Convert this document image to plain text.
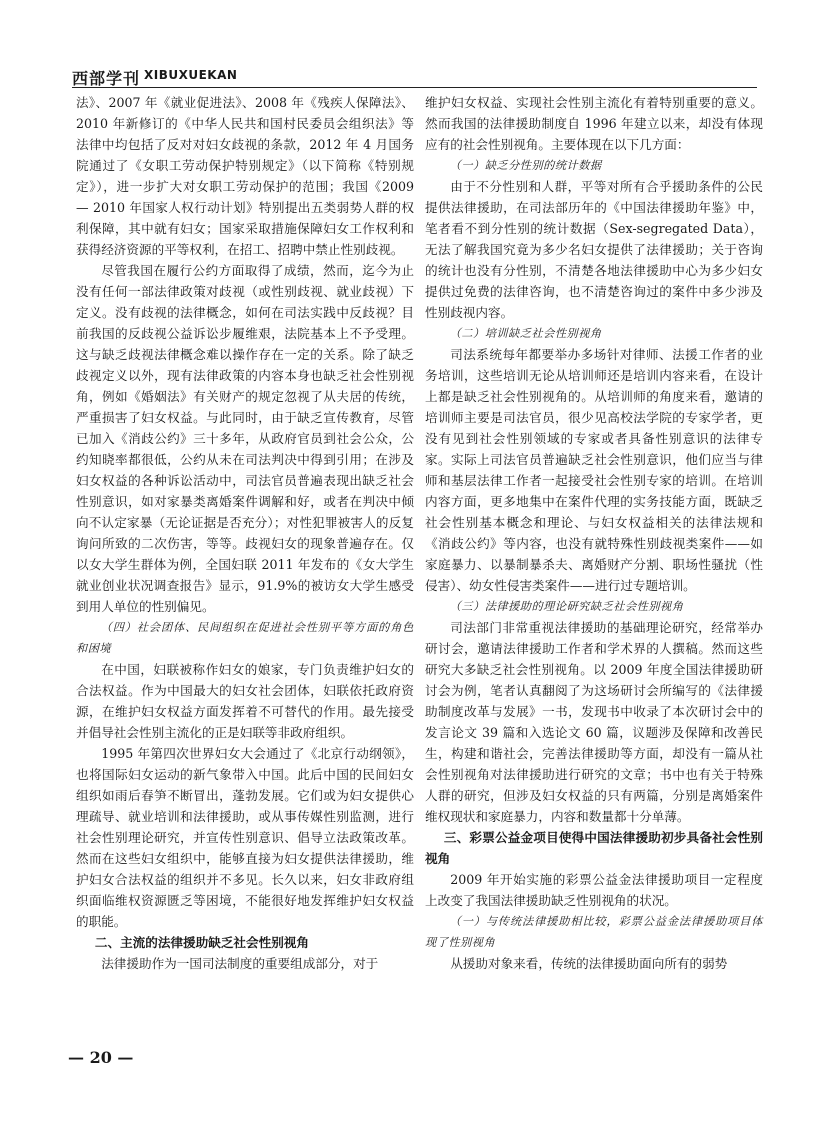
西部学刊 XIBUXUEKAN

法》、2007 年《就业促进法》、2008 年《残疾人保障法》、2010 年新修订的《中华人民共和国村民委员会组织法》等法律中均包括了反对对妇女歧视的条款，2012 年 4 月国务院通过了《女职工劳动保护特别规定》（以下简称《特别规定》），进一步扩大对女职工劳动保护的范围；我国《2009 — 2010 年国家人权行动计划》特别提出五类弱势人群的权利保障，其中就有妇女；国家采取措施保障妇女工作权利和获得经济资源的平等权利，在招工、招聘中禁止性别歧视。

尽管我国在履行公约方面取得了成绩，然而，迄今为止没有任何一部法律政策对歧视（或性别歧视、就业歧视）下定义。没有歧视的法律概念，如何在司法实践中反歧视？目前我国的反歧视公益诉讼步履维艰，法院基本上不予受理。这与缺乏歧视法律概念难以操作存在一定的关系。除了缺乏歧视定义以外，现有法律政策的内容本身也缺乏社会性别视角，例如《婚姻法》有关财产的规定忽视了从夫居的传统，严重损害了妇女权益。与此同时，由于缺乏宣传教育，尽管已加入《消歧公约》三十多年，从政府官员到社会公众，公约知晓率都很低，公约从未在司法判决中得到引用；在涉及妇女权益的各种诉讼活动中，司法官员普遍表现出缺乏社会性别意识，如对家暴类离婚案件调解和好，或者在判决中倾向不认定家暴（无论证据是否充分）；对性犯罪被害人的反复询问所致的二次伤害，等等。歧视妇女的现象普遍存在。仅以女大学生群体为例，全国妇联 2011 年发布的《女大学生就业创业状况调查报告》显示，91.9%的被访女大学生感受到用人单位的性别偏见。

（四）社会团体、民间组织在促进社会性别平等方面的角色和困境

在中国，妇联被称作妇女的娘家，专门负责维护妇女的合法权益。作为中国最大的妇女社会团体，妇联依托政府资源，在维护妇女权益方面发挥着不可替代的作用。最先接受并倡导社会性别主流化的正是妇联等非政府组织。

1995 年第四次世界妇女大会通过了《北京行动纲领》，也将国际妇女运动的新气象带入中国。此后中国的民间妇女组织如雨后春笋不断冒出，蓬勃发展。它们或为妇女提供心理疏导、就业培训和法律援助，或从事传媒性别监测，进行社会性别理论研究，并宣传性别意识、倡导立法政策改革。然而在这些妇女组织中，能够直接为妇女提供法律援助，维护妇女合法权益的组织并不多见。长久以来，妇女非政府组织面临维权资源匮乏等困境，不能很好地发挥维护妇女权益的职能。

二、主流的法律援助缺乏社会性别视角

法律援助作为一国司法制度的重要组成部分，对于

维护妇女权益、实现社会性别主流化有着特别重要的意义。然而我国的法律援助制度自 1996 年建立以来，却没有体现应有的社会性别视角。主要体现在以下几方面：

（一）缺乏分性别的统计数据

由于不分性别和人群，平等对所有合乎援助条件的公民提供法律援助，在司法部历年的《中国法律援助年鉴》中，笔者看不到分性别的统计数据（Sex-segregated Data），无法了解我国究竟为多少名妇女提供了法律援助；关于咨询的统计也没有分性别，不清楚各地法律援助中心为多少妇女提供过免费的法律咨询，也不清楚咨询过的案件中多少涉及性别歧视内容。

（二）培训缺乏社会性别视角

司法系统每年都要举办多场针对律师、法援工作者的业务培训，这些培训无论从培训师还是培训内容来看，在设计上都是缺乏社会性别视角的。从培训师的角度来看，邀请的培训师主要是司法官员，很少见高校法学院的专家学者，更没有见到社会性别领域的专家或者具备性别意识的法律专家。实际上司法官员普遍缺乏社会性别意识，他们应当与律师和基层法律工作者一起接受社会性别专家的培训。在培训内容方面，更多地集中在案件代理的实务技能方面，既缺乏社会性别基本概念和理论、与妇女权益相关的法律法规和《消歧公约》等内容，也没有就特殊性别歧视类案件——如家庭暴力、以暴制暴杀夫、离婚财产分割、职场性骚扰（性侵害）、幼女性侵害类案件——进行过专题培训。

（三）法律援助的理论研究缺乏社会性别视角

司法部门非常重视法律援助的基础理论研究，经常举办研讨会，邀请法律援助工作者和学术界的人撰稿。然而这些研究大多缺乏社会性别视角。以 2009 年度全国法律援助研讨会为例，笔者认真翻阅了为这场研讨会所编写的《法律援助制度改革与发展》一书，发现书中收录了本次研讨会中的发言论文 39 篇和入选论文 60 篇，议题涉及保障和改善民生，构建和谐社会，完善法律援助等方面，却没有一篇从社会性别视角对法律援助进行研究的文章；书中也有关于特殊人群的研究，但涉及妇女权益的只有两篇，分别是离婚案件维权现状和家庭暴力，内容和数量都十分单薄。

三、彩票公益金项目使得中国法律援助初步具备社会性别视角

2009 年开始实施的彩票公益金法律援助项目一定程度上改变了我国法律援助缺乏性别视角的状况。

（一）与传统法律援助相比较，彩票公益金法律援助项目体现了性别视角

从援助对象来看，传统的法律援助面向所有的弱势

— 20 —
